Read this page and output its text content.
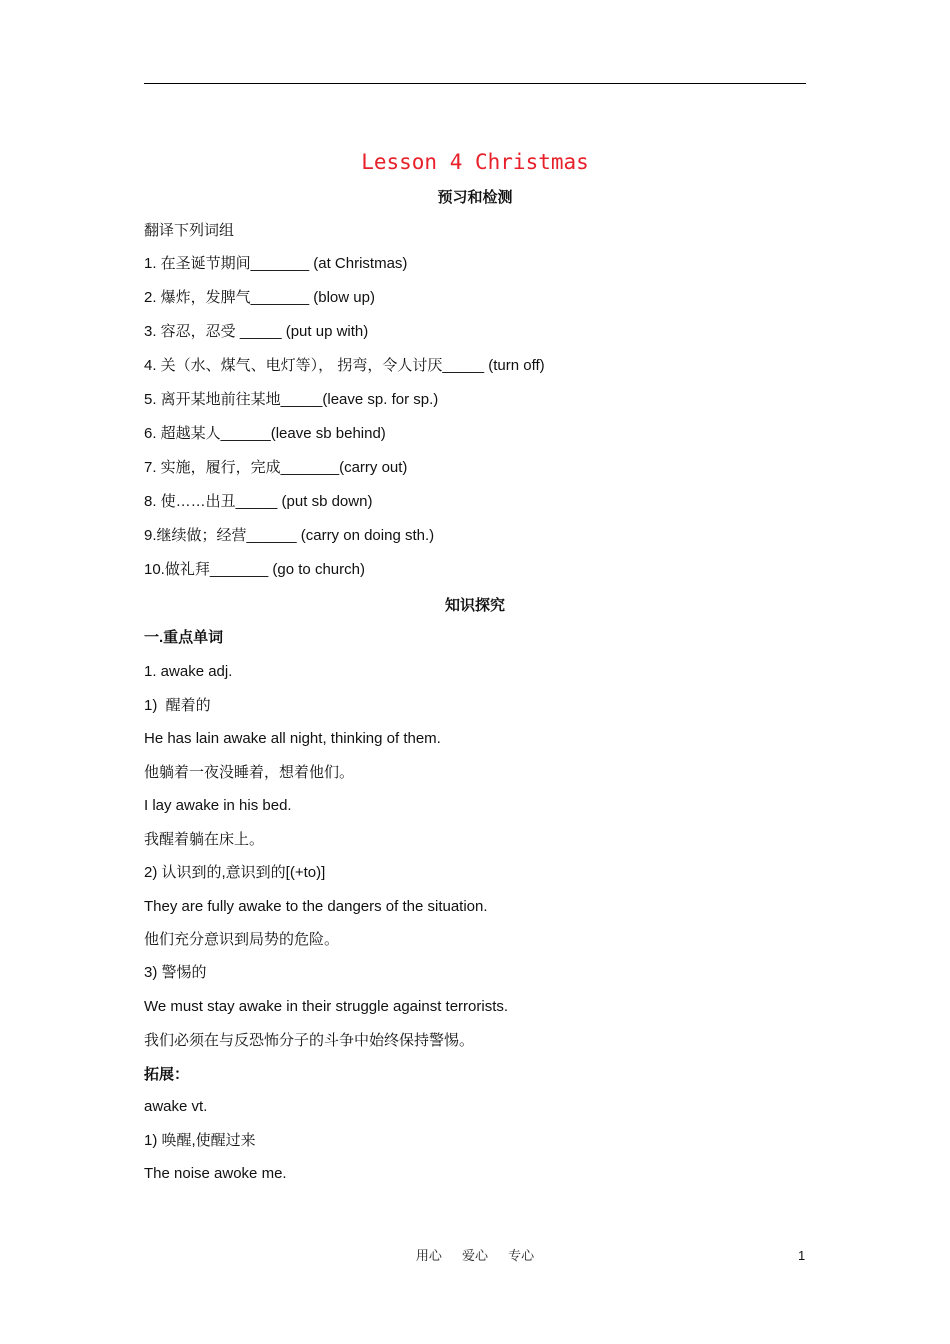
Lesson 4 Christmas
预习和检测
翻译下列词组
1. 在圣诞节期间_______ (at Christmas)
2. 爆炸，发脾气_______ (blow up)
3. 容忍，忍受 _____ (put up with)
4. 关（水、煤气、电灯等）， 拐弯，令人讨厌_____ (turn off)
5. 离开某地前往某地_____(leave sp. for sp.)
6. 超越某人______(leave sb behind)
7. 实施，履行，完成_______(carry out)
8. 使……出丑_____ (put sb down)
9.继续做；经营______ (carry on doing sth.)
10.做礼拜_______ (go to church)
知识探究
一.重点单词
1. awake adj.
1)  醒着的
He has lain awake all night, thinking of them.
他躺着一夜没睡着，想着他们。
I lay awake in his bed.
我醒着躺在床上。
2) 认识到的,意识到的[(+to)]
They are fully awake to the dangers of the situation.
他们充分意识到局势的危险。
3) 警惕的
We must stay awake in their struggle against terrorists.
我们必须在与反恐怖分子的斗争中始终保持警惕。
拓展：
awake vt.
1) 唤醒,使醒过来
The noise awoke me.
用心 爱心 专心	1
